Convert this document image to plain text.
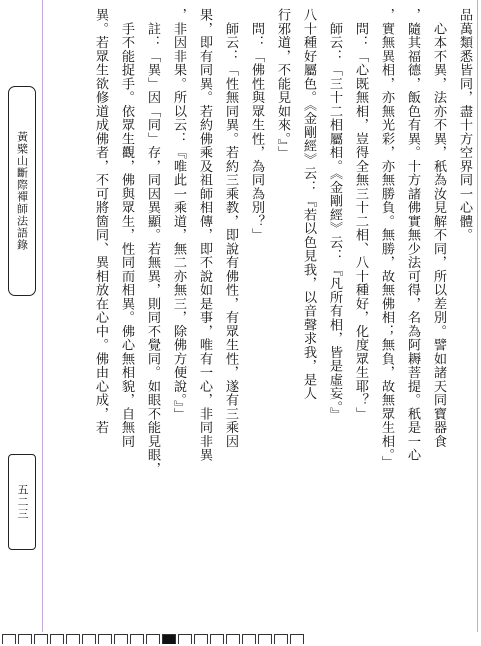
黃檗山斷際禪師法語錄
五二三
品萬類悉皆同，盡十方空界同一心體。
　心本不異，法亦不異，秖為汝見解不同，所以差別。譬如諸天同寶器食
，隨其福德，飯色有異。十方諸佛實無少法可得，名為阿耨菩提。秖是一心
，實無異相，亦無光彩，亦無勝負。無勝，故無佛相；無負，故無眾生相。」
　問：「心既無相，豈得全無三十二相、八十種好，化度眾生耶？」
　師云：「三十二相屬相。《金剛經》云：『凡所有相，皆是虛妄。』
八十種好屬色。《金剛經》云：『若以色見我，以音聲求我，是人
行邪道，不能見如來。』」
　問：「佛性與眾生性，為同為別？」
　師云：「性無同異。若約三乘教，即說有佛性，有眾生性，遂有三乘因
果，即有同異。若約佛乘及祖師相傳，即不說如是事，唯有一心，非同非異
，非因非果。所以云：『唯此一乘道，無二亦無三，除佛方便說。』」
　註：「異」因「同」存，同因異顯。若無異，則同不覺同。如眼不能見眼，
　手不能捉手。依眾生觀，佛與眾生，性同而相異。佛心無相貌，自無同
異。若眾生欲修道成佛者，不可將箇同、異相放在心中。佛由心成，若
